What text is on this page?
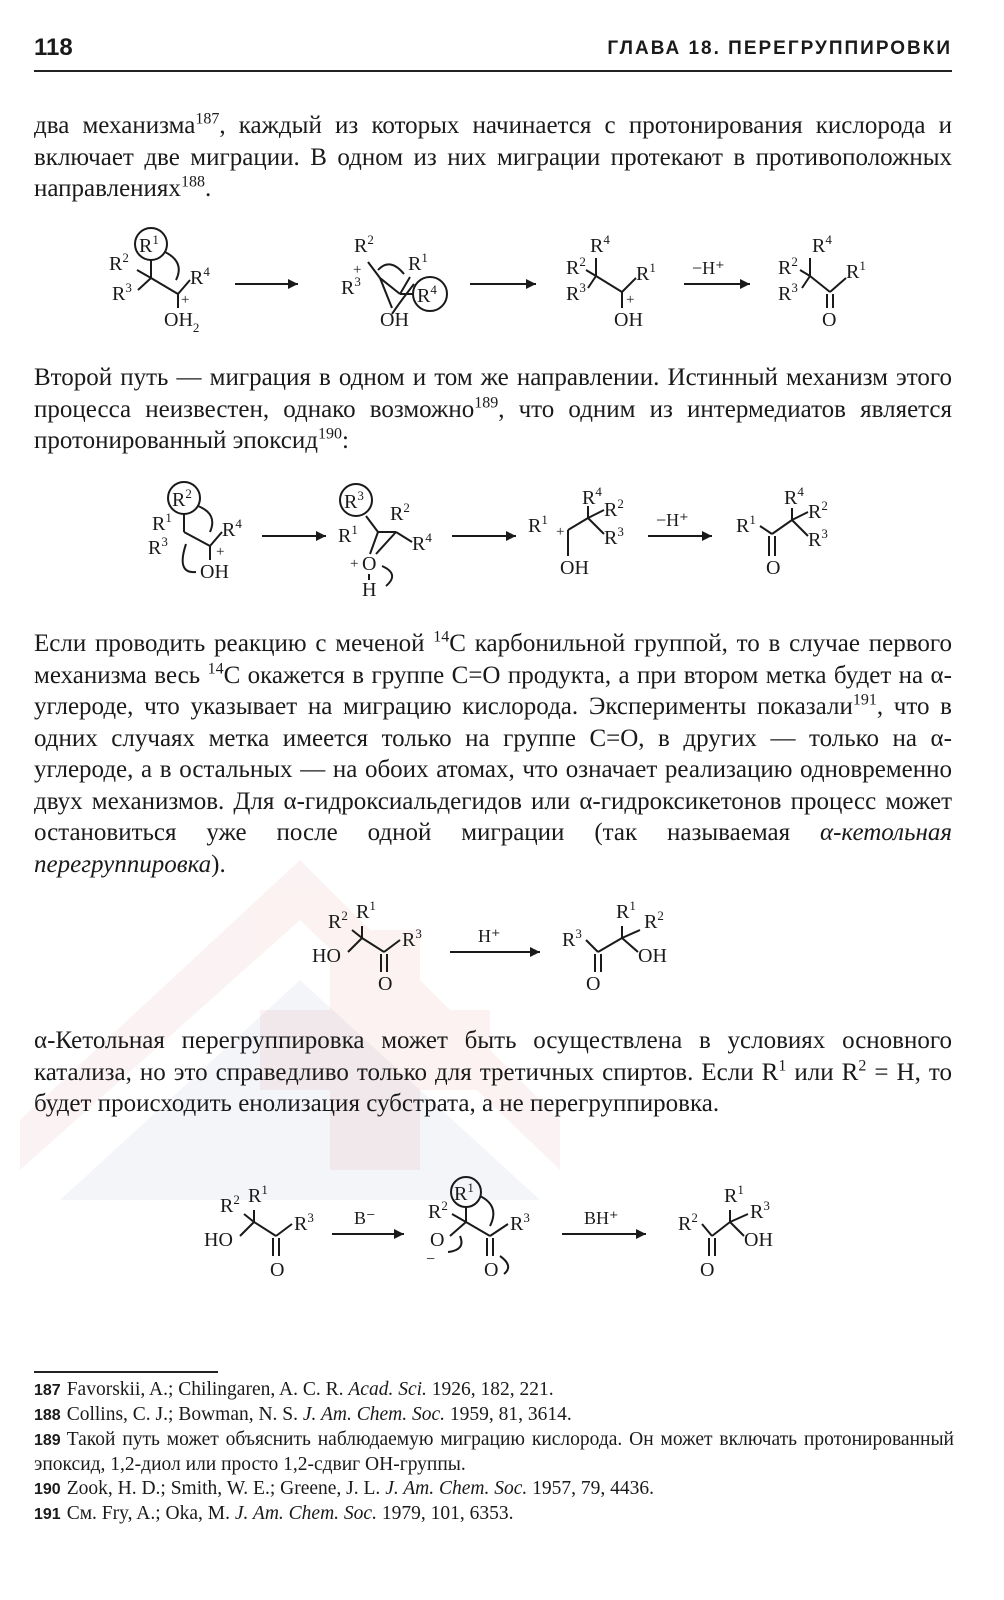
118	ГЛАВА 18. ПЕРЕГРУППИРОВКИ

два механизма$^{187}$, каждый из которых начинается с протонирования кислорода и включает две миграции. В одном из них миграции протекают в противоположных направлениях$^{188}$.

$R^1$
$R^2$
$R^3$	$R^4$
+
$OH_2$
$R^2$
+
$R^3$
$R^1$
$R^4$
OH
$R^4$
$R^2$
$R^3$
$R^1$
+
OH
−H⁺
$R^4$
$R^2$
$R^3$
$R^1$
O

Второй путь — миграция в одном и том же направлении. Истинный механизм этого процесса неизвестен, однако возможно$^{189}$, что одним из интермедиатов является протонированный эпоксид$^{190}$:

$R^2$
$R^1$
$R^3$
$R^4$
+
OH
$R^3$
$R^2$
$R^1$
$R^4$
+ O
H
$R^4$
$R^2$
$R^3$
$R^1$
+
OH
−H⁺
$R^4$
$R^2$
$R^3$
$R^1$
O

Если проводить реакцию с меченой $^{14}$С карбонильной группой, то в случае первого механизма весь $^{14}$С окажется в группе С=О продукта, а при втором метка будет на α-углероде, что указывает на миграцию кислорода. Эксперименты показали$^{191}$, что в одних случаях метка имеется только на группе С=О, в других — только на α-углероде, а в остальных — на обоих атомах, что означает реализацию одновременно двух механизмов. Для α-гидроксиальдегидов или α-гидроксикетонов процесс может остановиться уже после одной миграции (так называемая α-кетольная перегруппировка).

$R^2$ $R^1$
HO
$R^3$
O
H⁺
$R^1$
$R^2$
$R^3$
OH
O

α-Кетольная перегруппировка может быть осуществлена в условиях основного катализа, но это справедливо только для третичных спиртов. Если $R^1$ или $R^2 = H$, то будет происходить енолизация субстрата, а не перегруппировка.

$R^2$ $R^1$
HO
$R^3$
O
B⁻
$R^1$
$R^2$
O
−
$R^3$
O
BH⁺
$R^1$
$R^3$
$R^2$
OH
O

187 Favorskii, A.; Chilingaren, A. C. R. Acad. Sci. 1926, 182, 221.

188 Collins, C. J.; Bowman, N. S. J. Am. Chem. Soc. 1959, 81, 3614.

189 Такой путь может объяснить наблюдаемую миграцию кислорода. Он может включать протонированный эпоксид, 1,2-диол или просто 1,2-сдвиг ОН-группы.

190 Zook, H. D.; Smith, W. E.; Greene, J. L. J. Am. Chem. Soc. 1957, 79, 4436.

191 См. Fry, A.; Oka, M. J. Am. Chem. Soc. 1979, 101, 6353.
